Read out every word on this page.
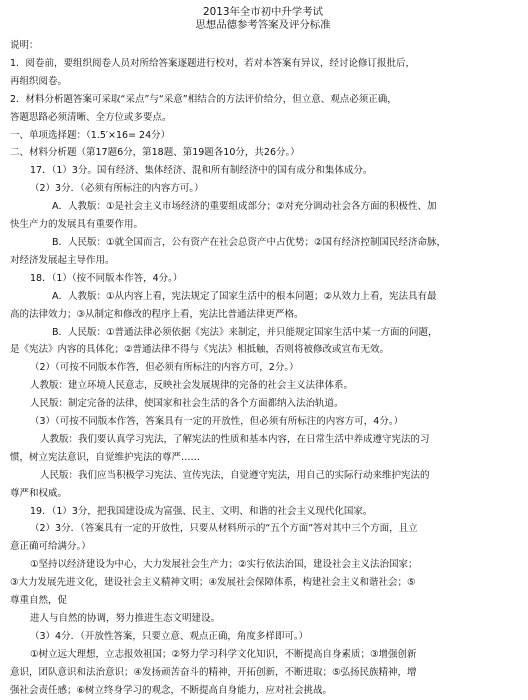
2013年全市初中升学考试

思想品德参考答案及评分标准

说明：

1．阅卷前，要组织阅卷人员对所给答案逐题进行校对，若对本答案有异议，经讨论修订报批后，

再组织阅卷。

2．材料分析题答案可采取“采点”与“采意”相结合的方法评价给分，但立意、观点必须正确，

答题思路必须清晰、全方位或多要点。

一、单项选择题：（1.5′×16= 24分）

二、材料分析题（第17题6分，第18题、第19题各10分，共26分。）

17．（1）3分。国有经济、集体经济、混和所有制经济中的国有成分和集体成分。

（2）3分．（必须有所标注的内容方可。）

A．人教版：①是社会主义市场经济的重要组成部分；②对充分调动社会各方面的积极性、加

快生产力的发展具有重要作用。

B．人民版：①就全国而言，公有资产在社会总资产中占优势；②国有经济控制国民经济命脉，

对经济发展起主导作用。

18．（1）（按不同版本作答，4分。）

A．人教版：①从内容上看，宪法规定了国家生活中的根本问题；②从效力上看，宪法具有最

高的法律效力；③从制定和修改的程序上看，宪法比普通法律更严格。

B．人民版：①普通法律必须依据《宪法》来制定，并只能规定国家生活中某一方面的问题，

是《宪法》内容的具体化；②普通法律不得与《宪法》相抵触，否则将被修改或宣布无效。

（2）（可按不同版本作答，但必须有所标注的内容方可，2分。）

人教版：建立环境人民意志，反映社会发展规律的完备的社会主义法律体系。

人民版：制定完备的法律，使国家和社会生活的各个方面都纳入法治轨道。

（3）（可按不同版本作答，答案具有一定的开放性，但必须有所标注的内容方可，4分。）

人教版：我们要认真学习宪法，了解宪法的性质和基本内容，在日常生活中养成遵守宪法的习

惯，树立宪法意识，自觉维护宪法的尊严……

人民版：我们应当积极学习宪法、宣传宪法，自觉遵守宪法，用自己的实际行动来维护宪法的

尊严和权威。

19．（1）3分，把我国建设成为富强、民主、文明、和谐的社会主义现代化国家。

（2）3分．（答案具有一定的开放性，只要从材料所示的“五个方面”答对其中三个方面，且立

意正确可给满分。）

①坚持以经济建设为中心，大力发展社会生产力；②实行依法治国，建设社会主义法治国家；

③大力发展先进文化，建设社会主义精神文明；④发展社会保障体系，构建社会主义和谐社会；⑤

尊重自然，促

进人与自然的协调，努力推进生态文明建设。

（3）4分．（开放性答案，只要立意、观点正确，角度多样即可。）

①树立远大理想，立志报效祖国；②努力学习科学文化知识，不断提高自身素质；③增强创新

意识，团队意识和法治意识；④发扬顽苦奋斗的精神，开拓创新，不断进取；⑤弘扬民族精神，增

强社会责任感；⑥树立终身学习的观念，不断提高自身能力，应对社会挑战。
